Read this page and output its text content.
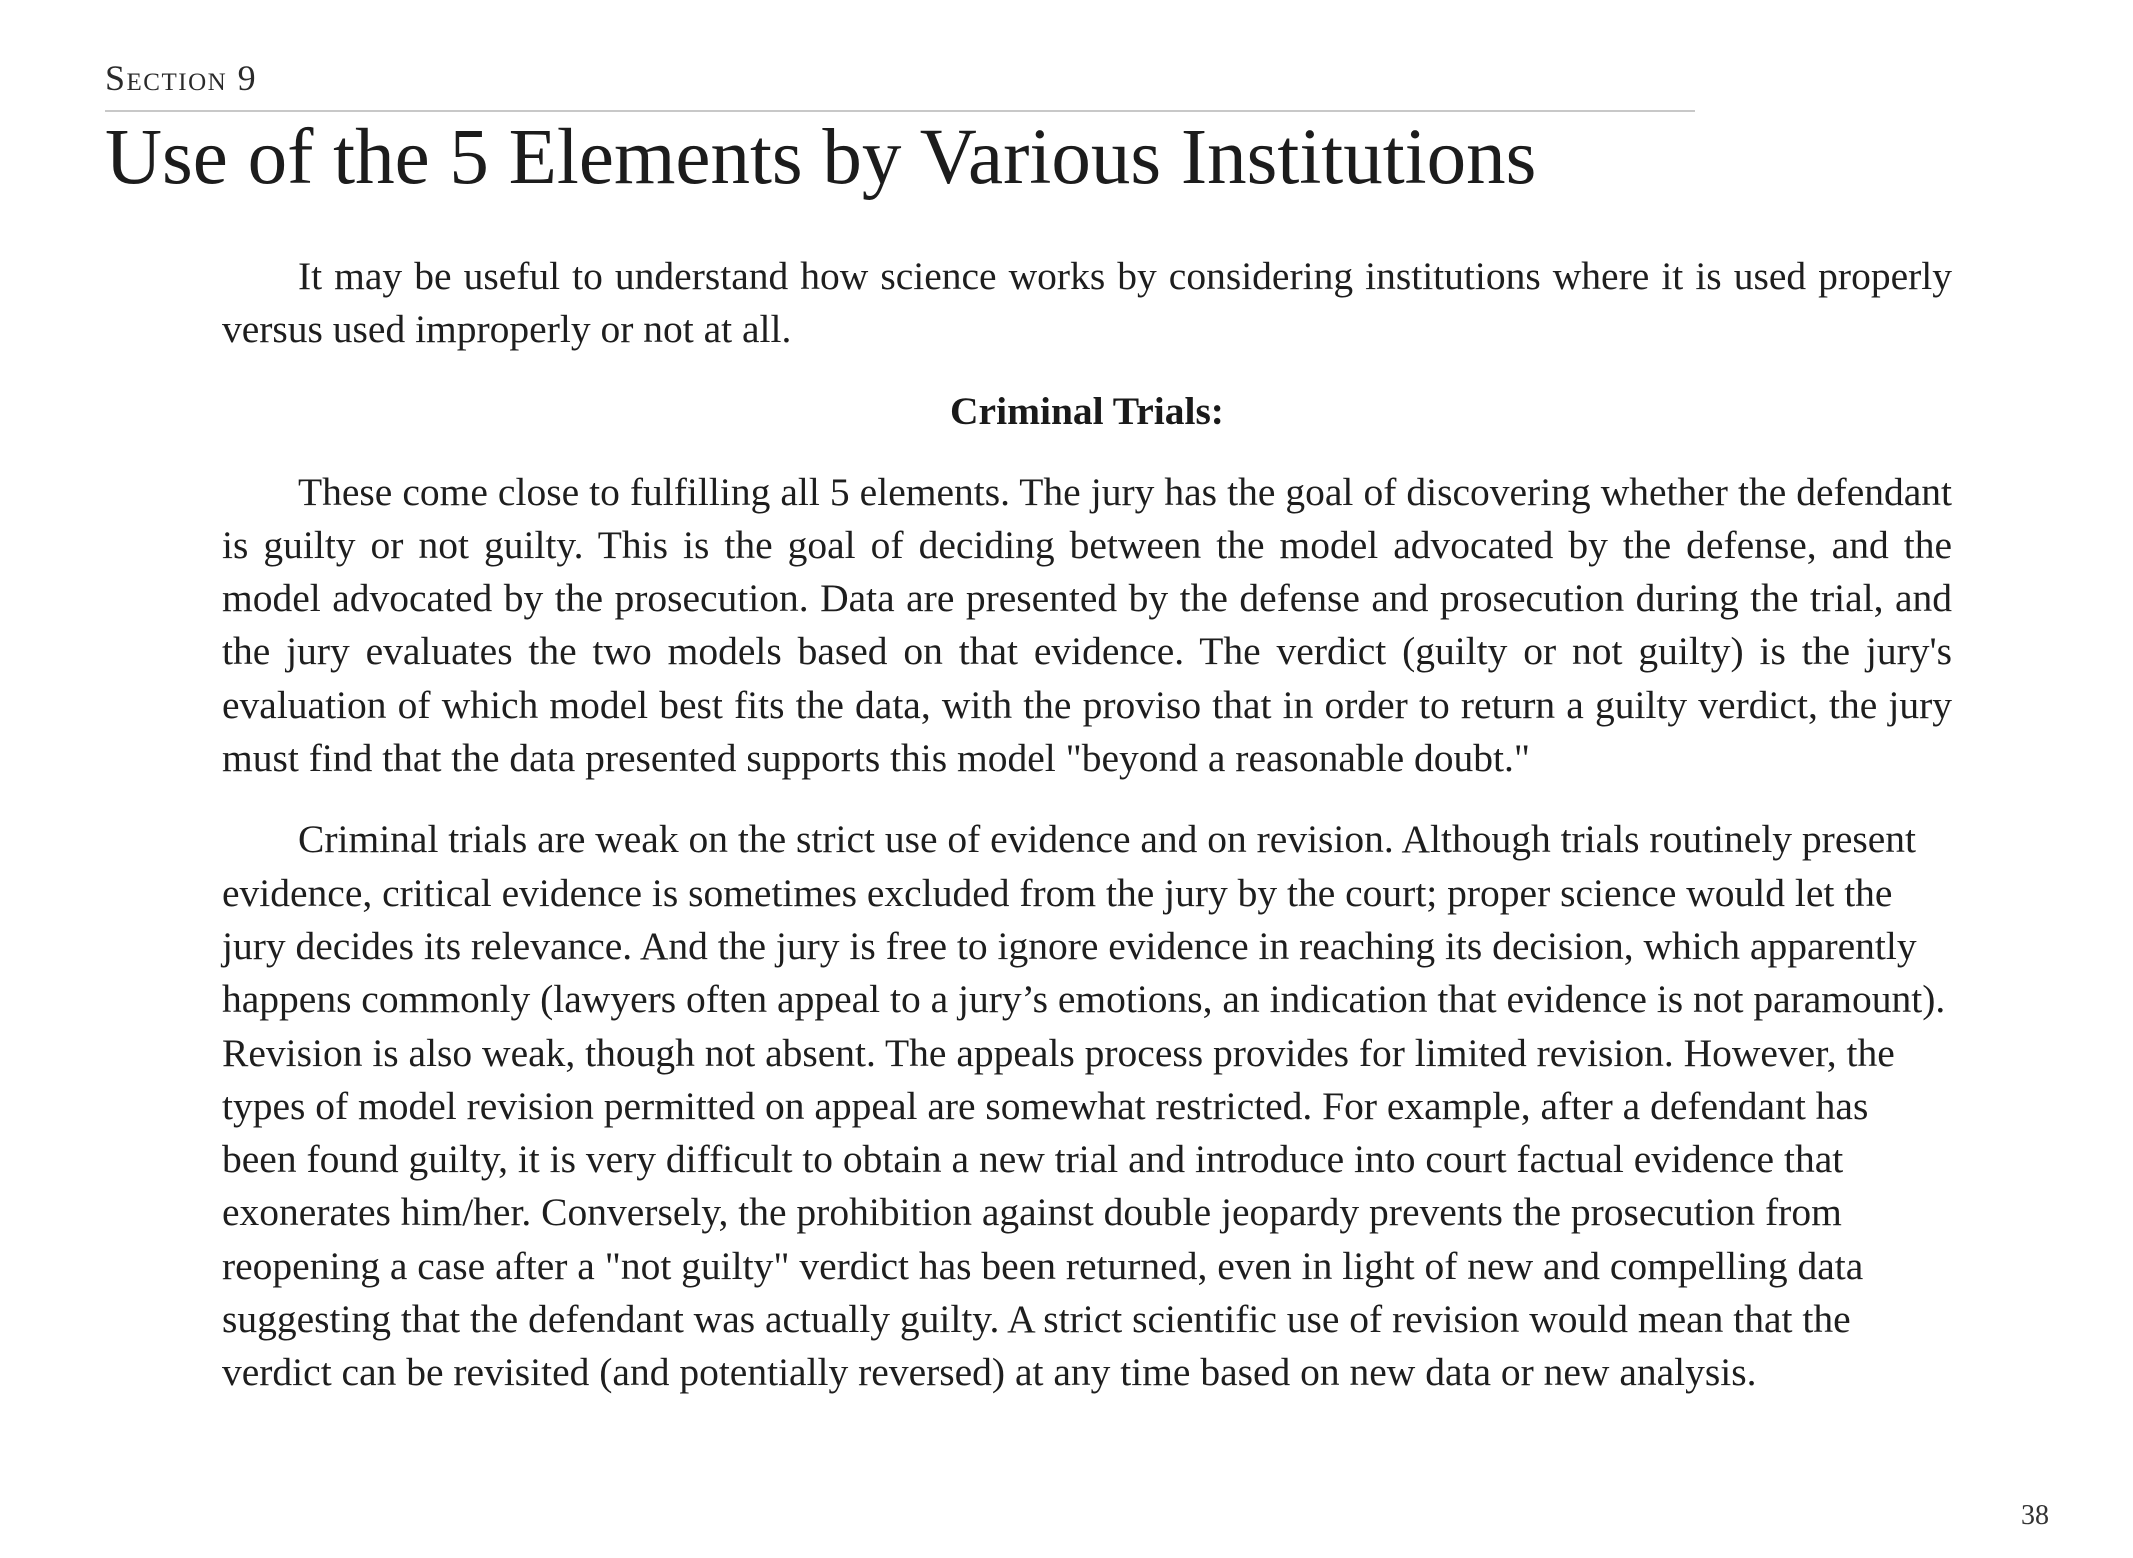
Section 9
Use of the 5 Elements by Various Institutions

It may be useful to understand how science works by considering institutions where it is used properly versus used improperly or not at all.

Criminal Trials:

These come close to fulfilling all 5 elements. The jury has the goal of discovering whether the defendant is guilty or not guilty. This is the goal of deciding between the model advocated by the defense, and the model advocated by the prosecution. Data are presented by the defense and prosecution during the trial, and the jury evaluates the two models based on that evidence. The verdict (guilty or not guilty) is the jury's evaluation of which model best fits the data, with the proviso that in order to return a guilty verdict, the jury must find that the data presented supports this model "beyond a reasonable doubt."

Criminal trials are weak on the strict use of evidence and on revision. Although trials routinely present evidence, critical evidence is sometimes excluded from the jury by the court; proper science would let the jury decides its relevance. And the jury is free to ignore evidence in reaching its decision, which apparently happens commonly (lawyers often appeal to a jury’s emotions, an indication that evidence is not paramount). Revision is also weak, though not absent. The appeals process provides for limited revision. However, the types of model revision permitted on appeal are somewhat restricted. For example, after a defendant has been found guilty, it is very difficult to obtain a new trial and introduce into court factual evidence that exonerates him/her. Conversely, the prohibition against double jeopardy prevents the prosecution from reopening a case after a "not guilty" verdict has been returned, even in light of new and compelling data suggesting that the defendant was actually guilty. A strict scientific use of revision would mean that the verdict can be revisited (and potentially reversed) at any time based on new data or new analysis.

38
